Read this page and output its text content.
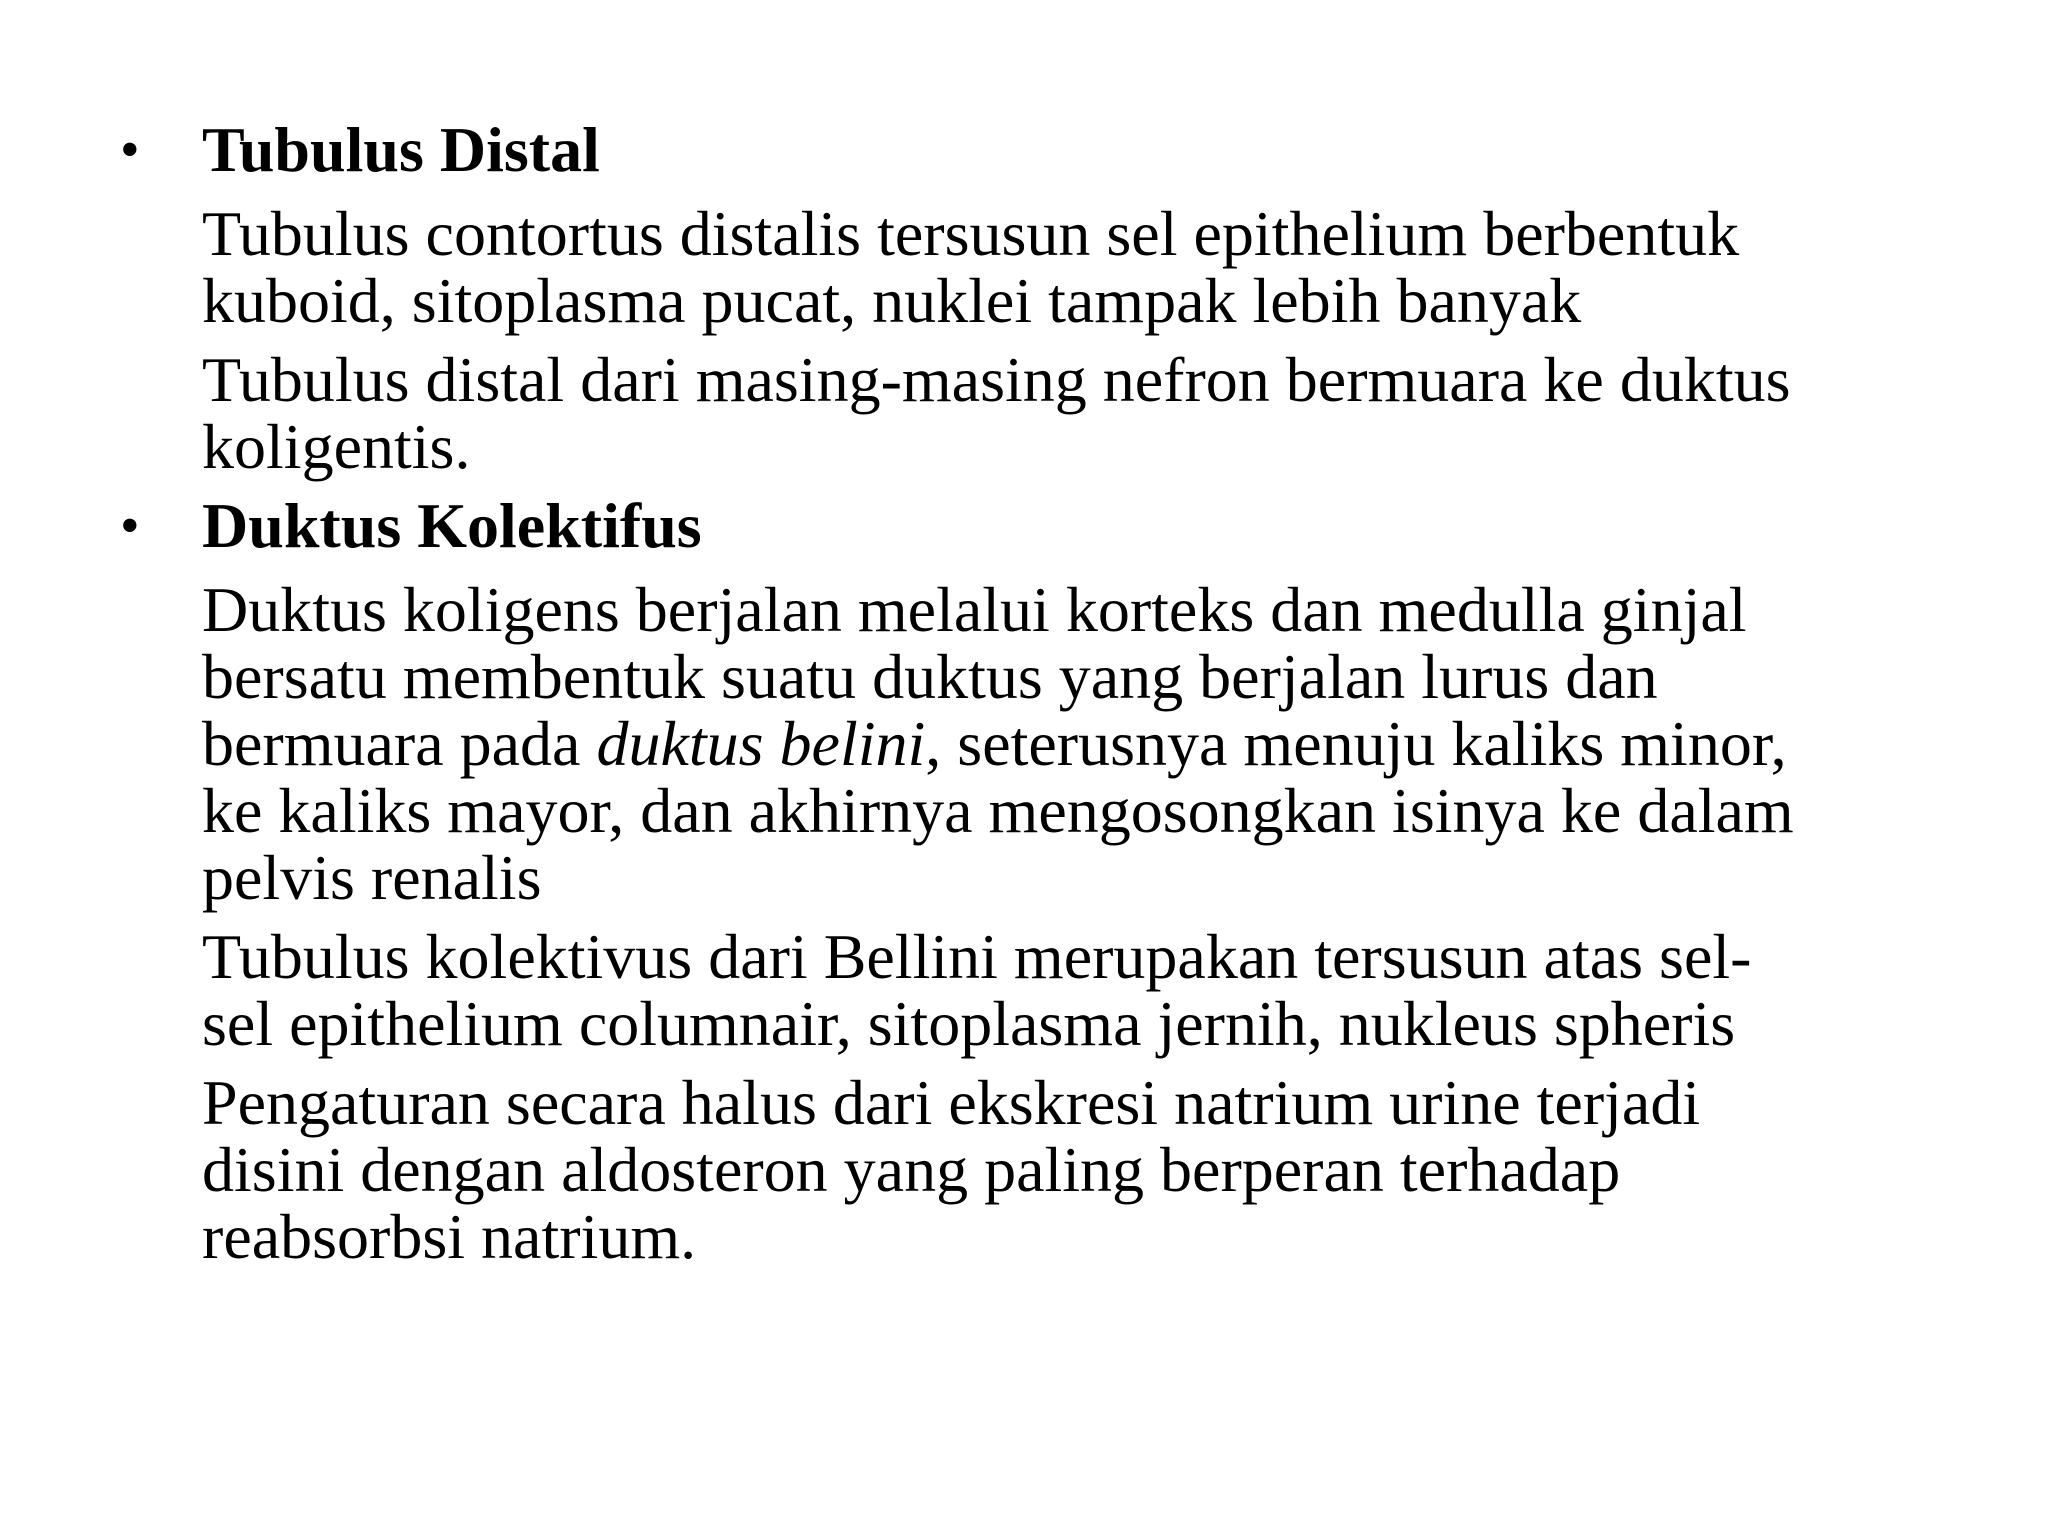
• Tubulus Distal
Tubulus contortus distalis tersusun sel epithelium berbentuk
kuboid, sitoplasma pucat, nuklei tampak lebih banyak
Tubulus distal dari masing-masing nefron bermuara ke duktus
koligentis.
• Duktus Kolektifus
Duktus koligens berjalan melalui korteks dan medulla ginjal
bersatu membentuk suatu duktus yang berjalan lurus dan
bermuara pada duktus belini, seterusnya menuju kaliks minor,
ke kaliks mayor, dan akhirnya mengosongkan isinya ke dalam
pelvis renalis
Tubulus kolektivus dari Bellini merupakan tersusun atas sel-
sel epithelium columnair, sitoplasma jernih, nukleus spheris
Pengaturan secara halus dari ekskresi natrium urine terjadi
disini dengan aldosteron yang paling berperan terhadap
reabsorbsi natrium.
